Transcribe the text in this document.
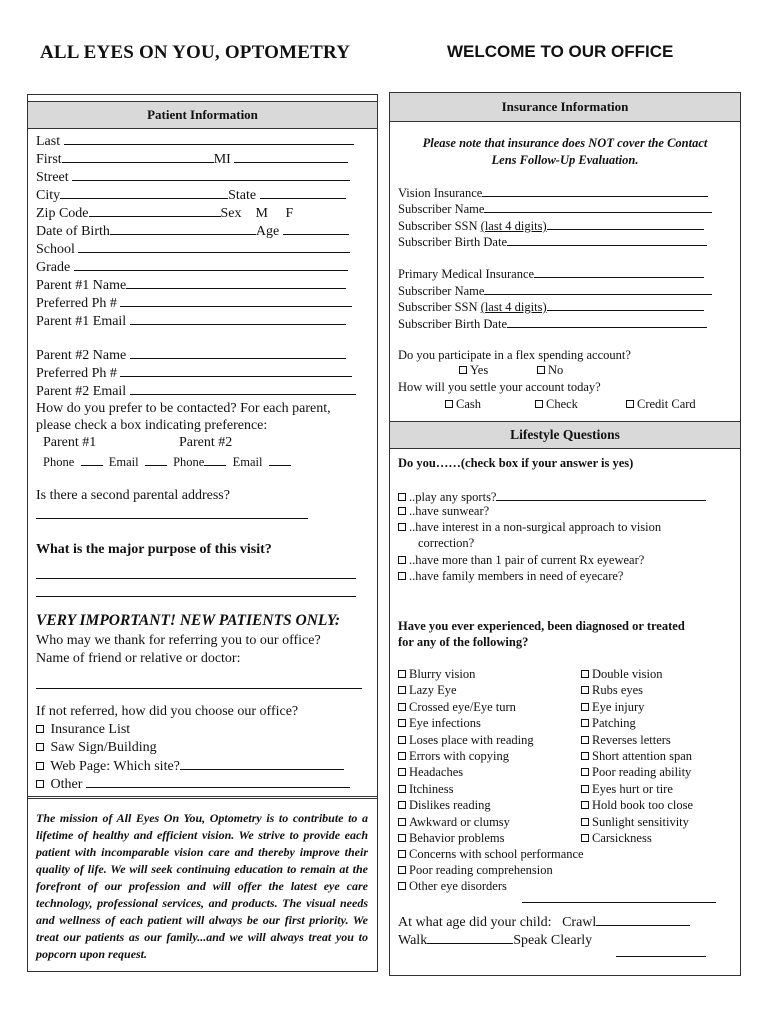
ALL EYES ON YOU, OPTOMETRY	WELCOME TO OUR OFFICE
Patient Information
Last
First	MI
Street
City	State
Zip Code	Sex M F
Date of Birth	Age
School
Grade
Parent #1 Name
Preferred Ph #
Parent #1 Email
Parent #2 Name
Preferred Ph #
Parent #2 Email
How do you prefer to be contacted? For each parent,
please check a box indicating preference:
Parent #1	Parent #2
Phone	Email	Phone Email
Is there a second parental address?
What is the major purpose of this visit?
VERY IMPORTANT! NEW PATIENTS ONLY:
Who may we thank for referring you to our office?
Name of friend or relative or doctor:
If not referred, how did you choose our office?
Insurance List
Saw Sign/Building
Web Page: Which site?
Other
The mission of All Eyes On You, Optometry is to contribute to a lifetime of healthy and efficient vision. We strive to provide each patient with incomparable vision care and thereby improve their quality of life. We will seek continuing education to remain at the forefront of our profession and will offer the latest eye care technology, professional services, and products. The visual needs and wellness of each patient will always be our first priority. We treat our patients as our family...and we will always treat you to popcorn upon request.
Insurance Information
Please note that insurance does NOT cover the Contact
Lens Follow-Up Evaluation.
Vision Insurance
Subscriber Name
Subscriber SSN (last 4 digits)
Subscriber Birth Date
Primary Medical Insurance
Subscriber Name
Subscriber SSN (last 4 digits)
Subscriber Birth Date
Do you participate in a flex spending account?
Yes	No
How will you settle your account today?
Cash	Check	Credit Card
Lifestyle Questions
Do you……(check box if your answer is yes)
..play any sports?
..have sunwear?
..have interest in a non-surgical approach to vision
correction?
..have more than 1 pair of current Rx eyewear?
..have family members in need of eyecare?
Have you ever experienced, been diagnosed or treated
for any of the following?
Blurry vision
Lazy Eye
Crossed eye/Eye turn
Eye infections
Loses place with reading
Errors with copying
Headaches
Itchiness
Dislikes reading
Awkward or clumsy
Behavior problems
Double vision
Rubs eyes
Eye injury
Patching
Reverses letters
Short attention span
Poor reading ability
Eyes hurt or tire
Hold book too close
Sunlight sensitivity
Carsickness
Concerns with school performance
Poor reading comprehension
Other eye disorders
At what age did your child: Crawl
Walk	Speak Clearly
